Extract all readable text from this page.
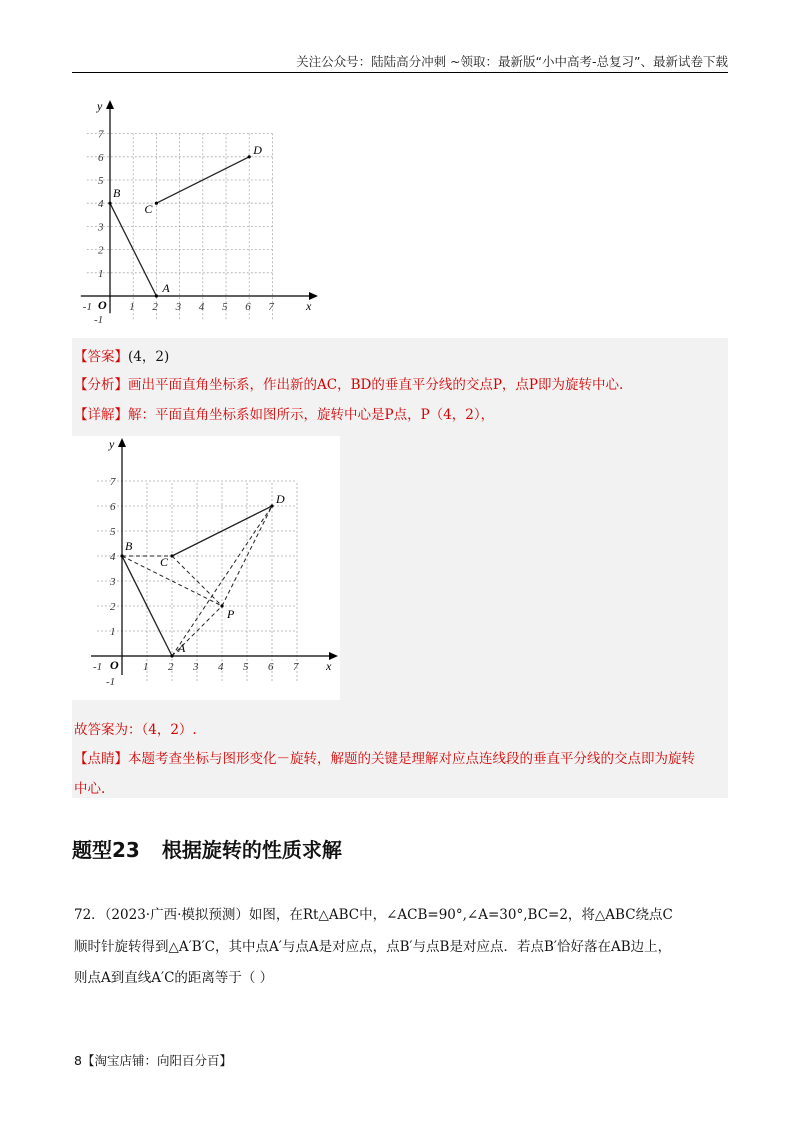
关注公众号：陆陆高分冲刺 ~领取：最新版“小中高考-总复习”、最新试卷下载
x
y
O
-1	1 2 3 4 5 6 7
-1
1
2
3
4
5
6
7
A
B
C
D
【答案】(4，2)
【分析】画出平面直角坐标系，作出新的AC，BD的垂直平分线的交点P，点P即为旋转中心.
【详解】解：平面直角坐标系如图所示，旋转中心是P点，P（4，2），
x
y
O
-1	1 2 3 4 5 6 7
-1
1
2
3
4
5
6
7
A
B
C
D
P
故答案为：（4，2）.
【点睛】本题考查坐标与图形变化－旋转，解题的关键是理解对应点连线段的垂直平分线的交点即为旋转
中心.
题型23 根据旋转的性质求解
72．（2023·广西·模拟预测）如图，在Rt△ABC中，∠ACB=90°,∠A=30°,BC=2，将△ABC绕点C
顺时针旋转得到△A′B′C，其中点A′与点A是对应点，点B′与点B是对应点．若点B′恰好落在AB边上，
则点A到直线A′C的距离等于（ ）
8【淘宝店铺：向阳百分百】
